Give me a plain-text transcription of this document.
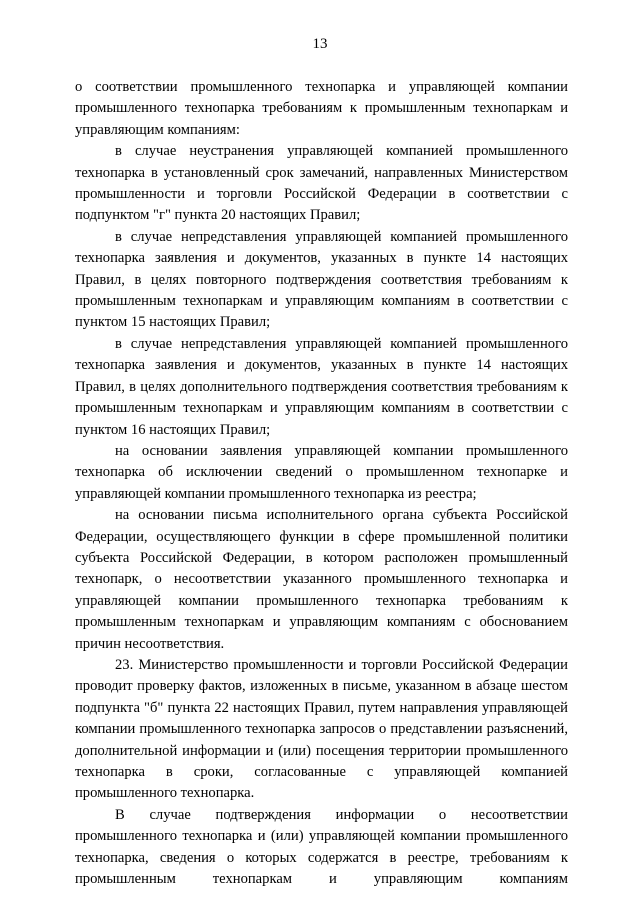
13

о соответствии промышленного технопарка и управляющей компании промышленного технопарка требованиям к промышленным технопаркам и управляющим компаниям:

в случае неустранения управляющей компанией промышленного технопарка в установленный срок замечаний, направленных Министерством промышленности и торговли Российской Федерации в соответствии с подпунктом "г" пункта 20 настоящих Правил;

в случае непредставления управляющей компанией промышленного технопарка заявления и документов, указанных в пункте 14 настоящих Правил, в целях повторного подтверждения соответствия требованиям к промышленным технопаркам и управляющим компаниям в соответствии с пунктом 15 настоящих Правил;

в случае непредставления управляющей компанией промышленного технопарка заявления и документов, указанных в пункте 14 настоящих Правил, в целях дополнительного подтверждения соответствия требованиям к промышленным технопаркам и управляющим компаниям в соответствии с пунктом 16 настоящих Правил;

на основании заявления управляющей компании промышленного технопарка об исключении сведений о промышленном технопарке и управляющей компании промышленного технопарка из реестра;

на основании письма исполнительного органа субъекта Российской Федерации, осуществляющего функции в сфере промышленной политики субъекта Российской Федерации, в котором расположен промышленный технопарк, о несоответствии указанного промышленного технопарка и управляющей компании промышленного технопарка требованиям к промышленным технопаркам и управляющим компаниям с обоснованием причин несоответствия.

23. Министерство промышленности и торговли Российской Федерации проводит проверку фактов, изложенных в письме, указанном в абзаце шестом подпункта "б" пункта 22 настоящих Правил, путем направления управляющей компании промышленного технопарка запросов о представлении разъяснений, дополнительной информации и (или) посещения территории промышленного технопарка в сроки, согласованные с управляющей компанией промышленного технопарка.

В случае подтверждения информации о несоответствии промышленного технопарка и (или) управляющей компании промышленного технопарка, сведения о которых содержатся в реестре, требованиям к промышленным технопаркам и управляющим компаниям
